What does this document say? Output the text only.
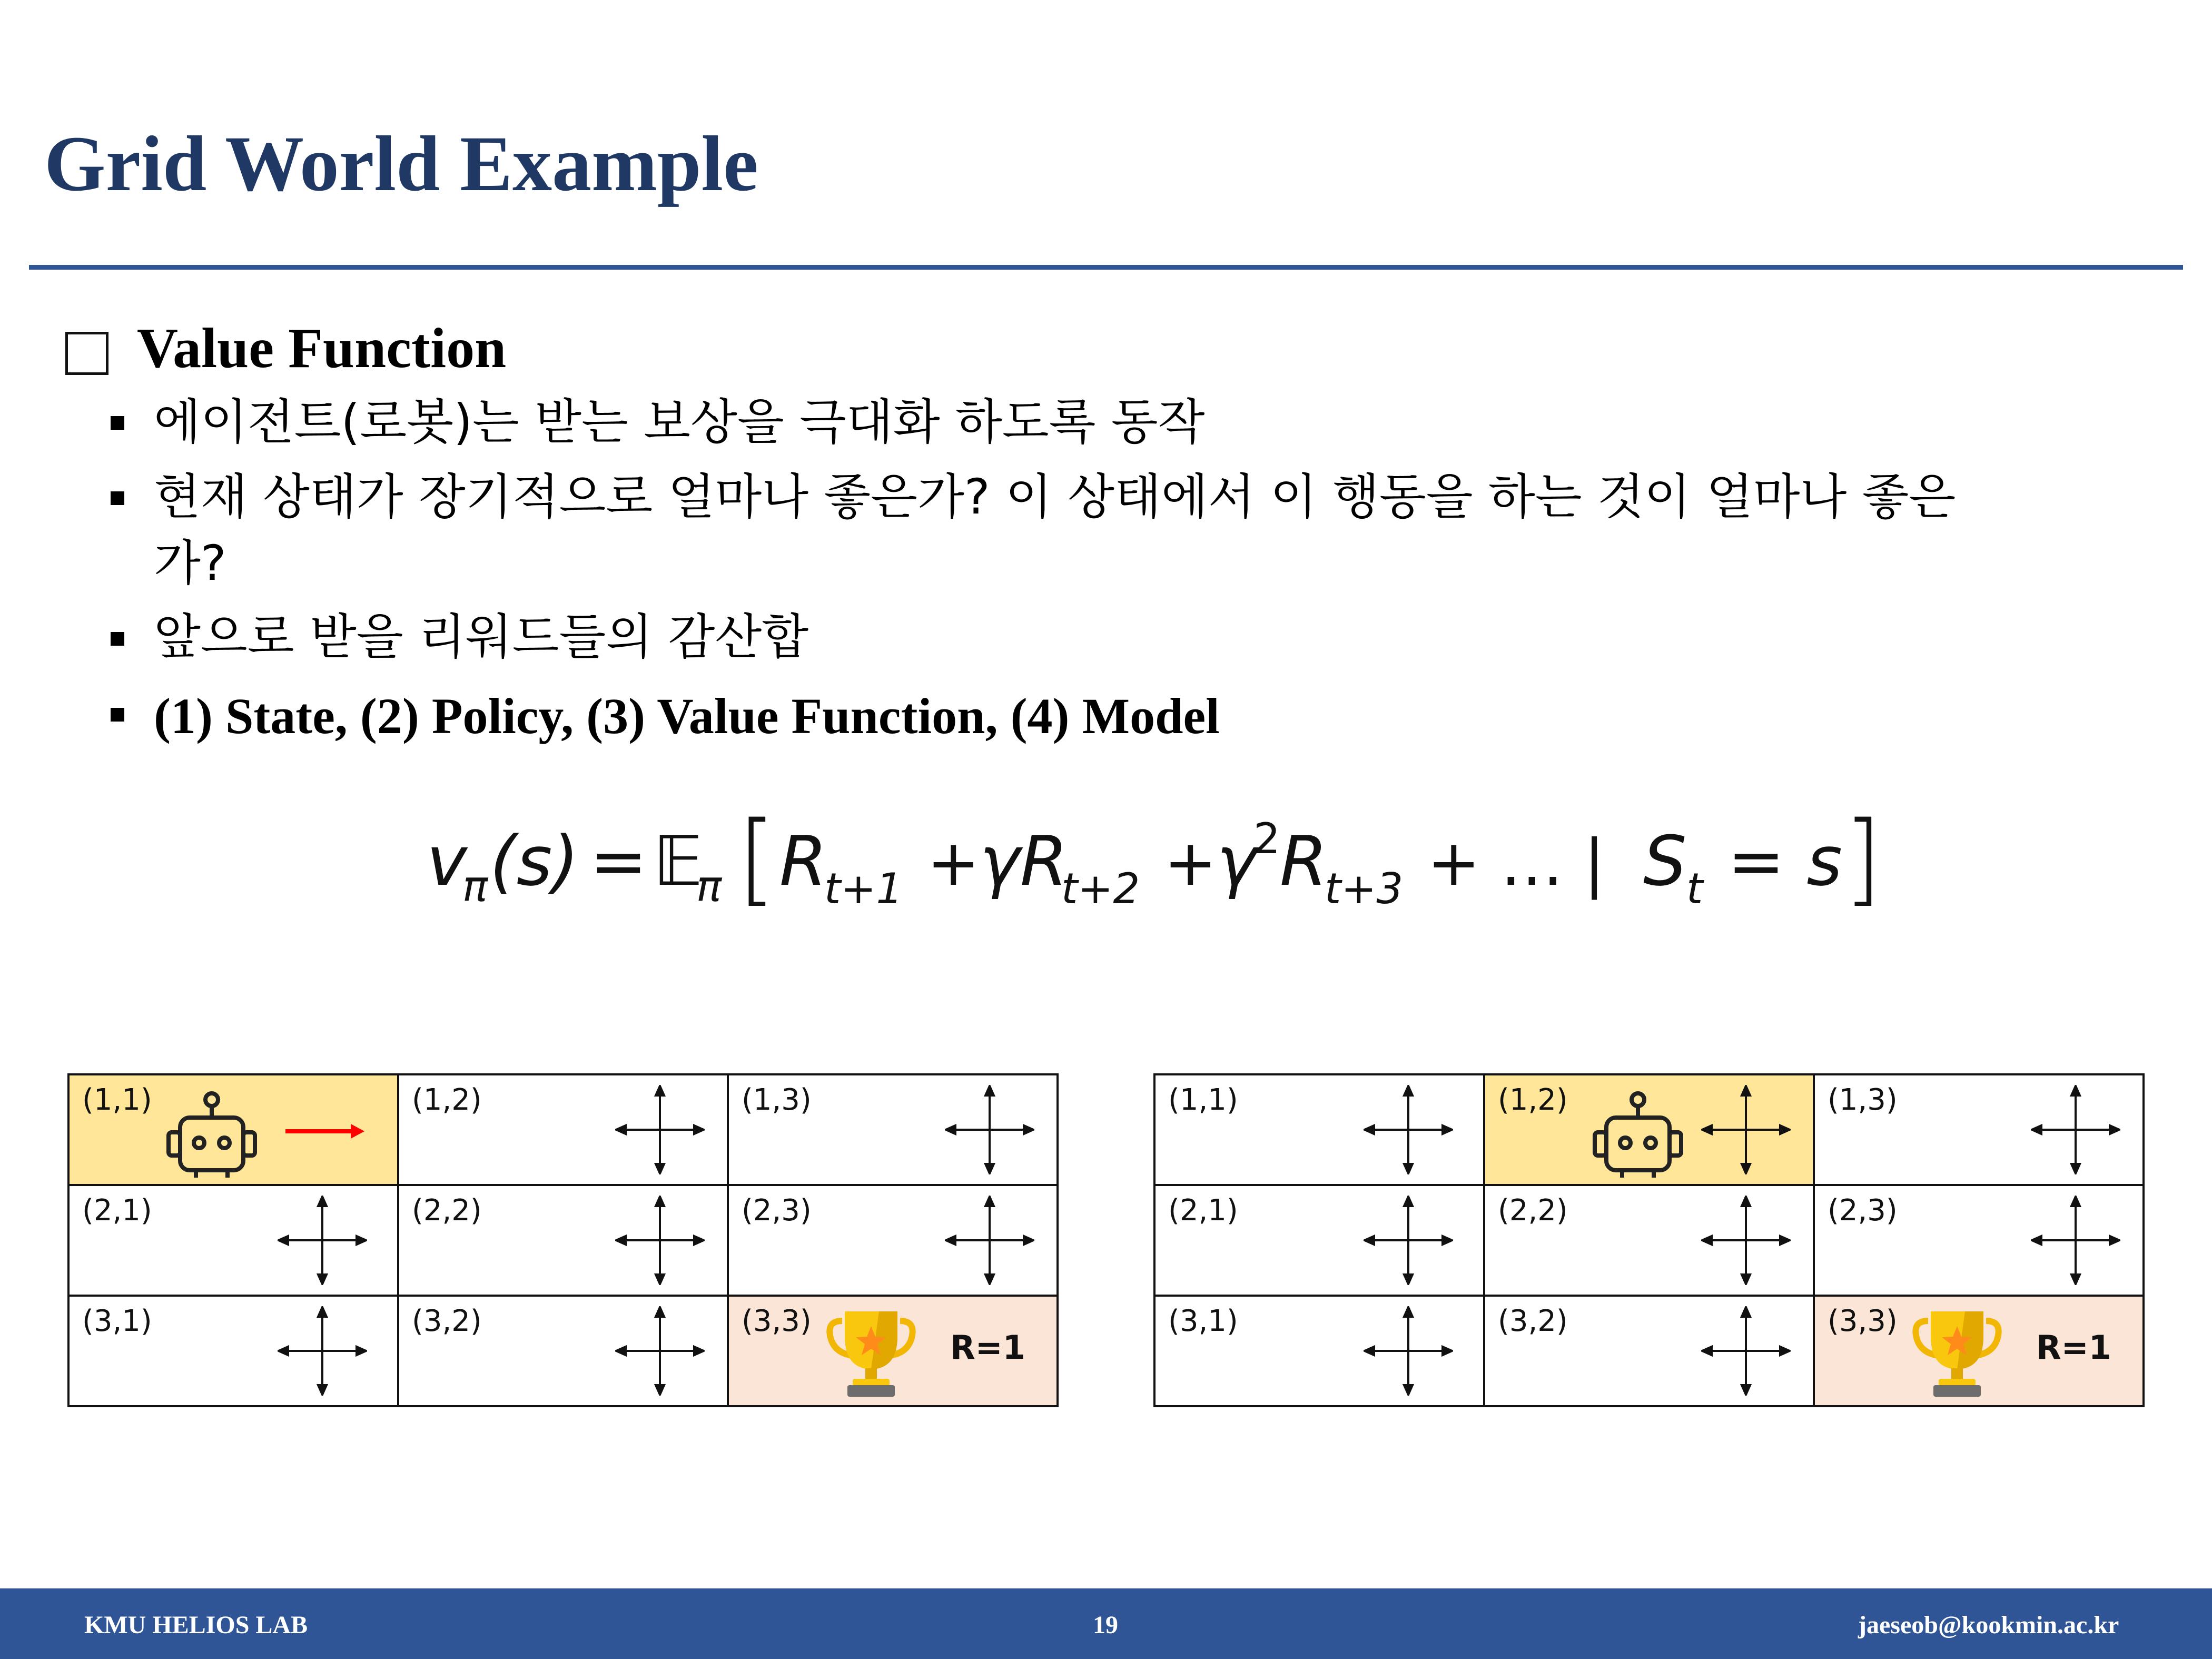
Grid World Example
Value Function
에이전트(로봇)는 받는 보상을 극대화 하도록 동작
현재 상태가 장기적으로 얼마나 좋은가? 이 상태에서 이 행동을 하는 것이 얼마나 좋은
가?
앞으로 받을 리워드들의 감산합
(1) State, (2) Policy, (3) Value Function, (4) Model
v
π (s) = 𝔼
π [ R
t+1 + γR
t+2 + γ
2 R
t+3 + … | S t = s ]
(1,1)	(1,2)	(1,3)
(2,1)	(2,2)	(2,3)
(3,1)	(3,2)	(3,3)
R=1
(1,1)	(1,2)	(1,3)
(2,1)	(2,2)	(2,3)
(3,1)	(3,2)	(3,3)
R=1
KMU HELIOS LAB	19	jaeseob@kookmin.ac.kr
